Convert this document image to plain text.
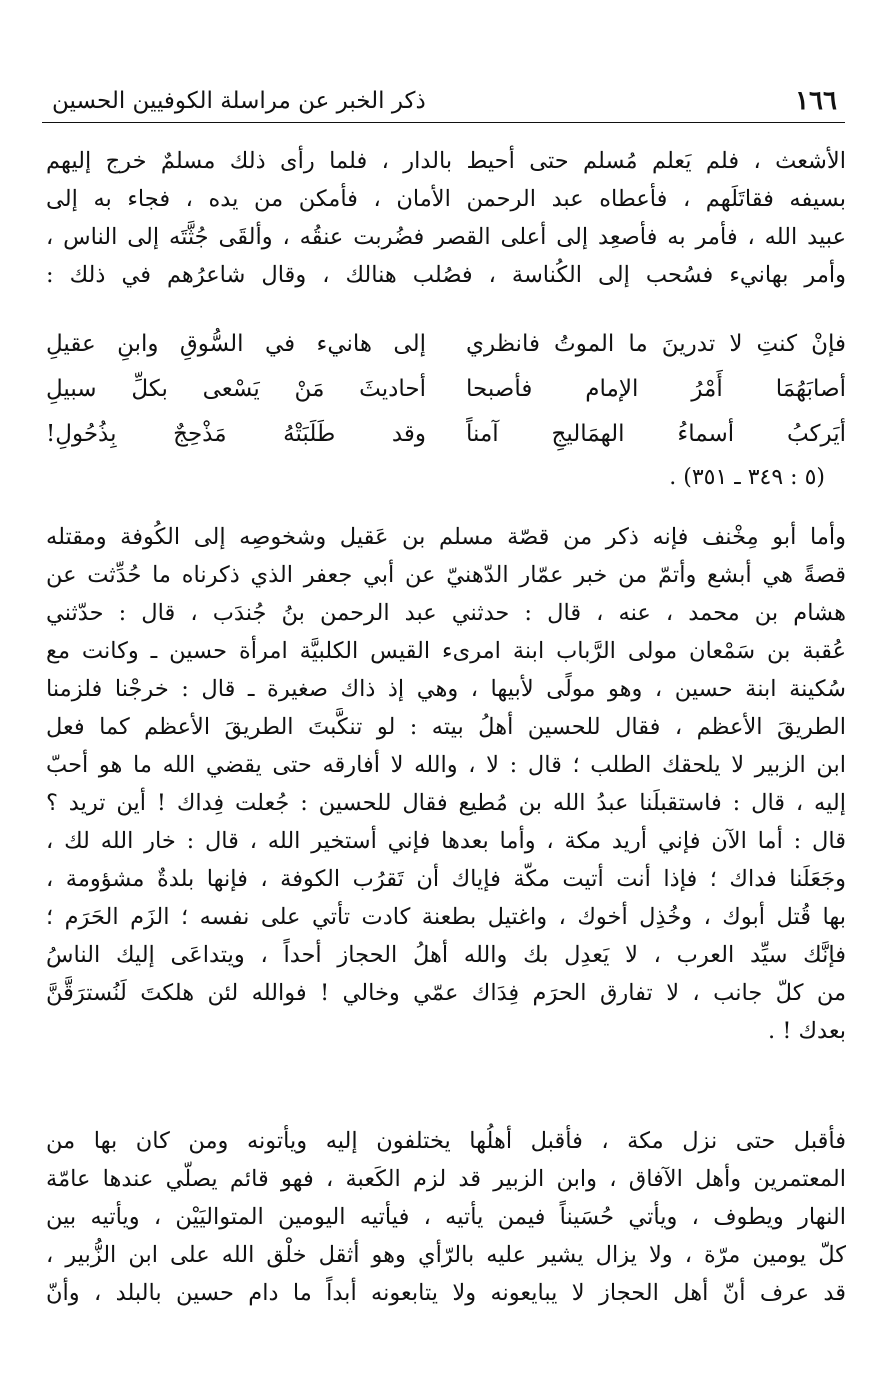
١٦٦
ذكر الخبر عن مراسلة الكوفيين الحسين
الأشعث ، فلم يَعلم مُسلم حتى أحيط بالدار ، فلما رأى ذلك مسلمٌ خرج إليهم
بسيفه فقاتَلَهم ، فأعطاه عبد الرحمن الأمان ، فأمكن من يده ، فجاء به إلى
عبيد الله ، فأمر به فأصعِد إلى أعلى القصر فضُربت عنقُه ، وألقَى جُثَّتَه إلى الناس ،
وأمر بهانيء فسُحب إلى الكُناسة ، فصُلب هنالك ، وقال شاعرُهم في ذلك :
فإنْ كنتِ لا تدرينَ ما الموتُ فانظري
إلى هانيء في السُّوقِ وابنِ عقيلِ
أصابَهُمَا أَمْرُ الإمام فأصبحا
أحاديثَ مَنْ يَسْعى بكلِّ سبيلِ
أيَركبُ أسماءُ الهمَاليجِ آمناً
وقد طَلَبَتْهُ مَذْحِجٌ بِذُحُولِ!
(٥ : ٣٤٩ ـ ٣٥١) .
وأما أبو مِخْنف فإنه ذكر من قصّة مسلم بن عَقيل وشخوصِه إلى الكُوفة ومقتله
قصةً هي أبشع وأتمّ من خبر عمّار الدّهنيّ عن أبي جعفر الذي ذكرناه ما حُدِّثت عن
هشام بن محمد ، عنه ، قال : حدثني عبد الرحمن بنُ جُندَب ، قال : حدّثني
عُقبة بن سَمْعان مولى الرَّباب ابنة امرىء القيس الكلبيَّة امرأة حسين ـ وكانت مع
سُكينة ابنة حسين ، وهو مولًى لأبيها ، وهي إذ ذاك صغيرة ـ قال : خرجْنا فلزمنا
الطريقَ الأعظم ، فقال للحسين أهلُ بيته : لو تنكَّبتَ الطريقَ الأعظم كما فعل
ابن الزبير لا يلحقك الطلب ؛ قال : لا ، والله لا أفارقه حتى يقضي الله ما هو أحبّ
إليه ، قال : فاستقبلَنا عبدُ الله بن مُطيع فقال للحسين : جُعلت فِداك ! أين تريد ؟
قال : أما الآن فإني أريد مكة ، وأما بعدها فإني أستخير الله ، قال : خار الله لك ،
وجَعَلَنا فداك ؛ فإذا أنت أتيت مكّة فإياك أن تَقرُب الكوفة ، فإنها بلدةٌ مشؤومة ،
بها قُتل أبوك ، وخُذِل أخوك ، واغتيل بطعنة كادت تأتي على نفسه ؛ الزَم الحَرَم ؛
فإنَّك سيِّد العرب ، لا يَعدِل بك والله أهلُ الحجاز أحداً ، ويتداعَى إليك الناسُ
من كلّ جانب ، لا تفارق الحرَم فِدَاك عمّي وخالي ! فوالله لئن هلكتَ لَنُسترَقَّنَّ
بعدك ! .
فأقبل حتى نزل مكة ، فأقبل أهلُها يختلفون إليه ويأتونه ومن كان بها من
المعتمرين وأهل الآفاق ، وابن الزبير قد لزم الكَعبة ، فهو قائم يصلّي عندها عامّة
النهار ويطوف ، ويأتي حُسَيناً فيمن يأتيه ، فيأتيه اليومين المتواليَيْن ، ويأتيه بين
كلّ يومين مرّة ، ولا يزال يشير عليه بالرّأي وهو أثقل خلْق الله على ابن الزُّبير ،
قد عرف أنّ أهل الحجاز لا يبايعونه ولا يتابعونه أبداً ما دام حسين بالبلد ، وأنّ
